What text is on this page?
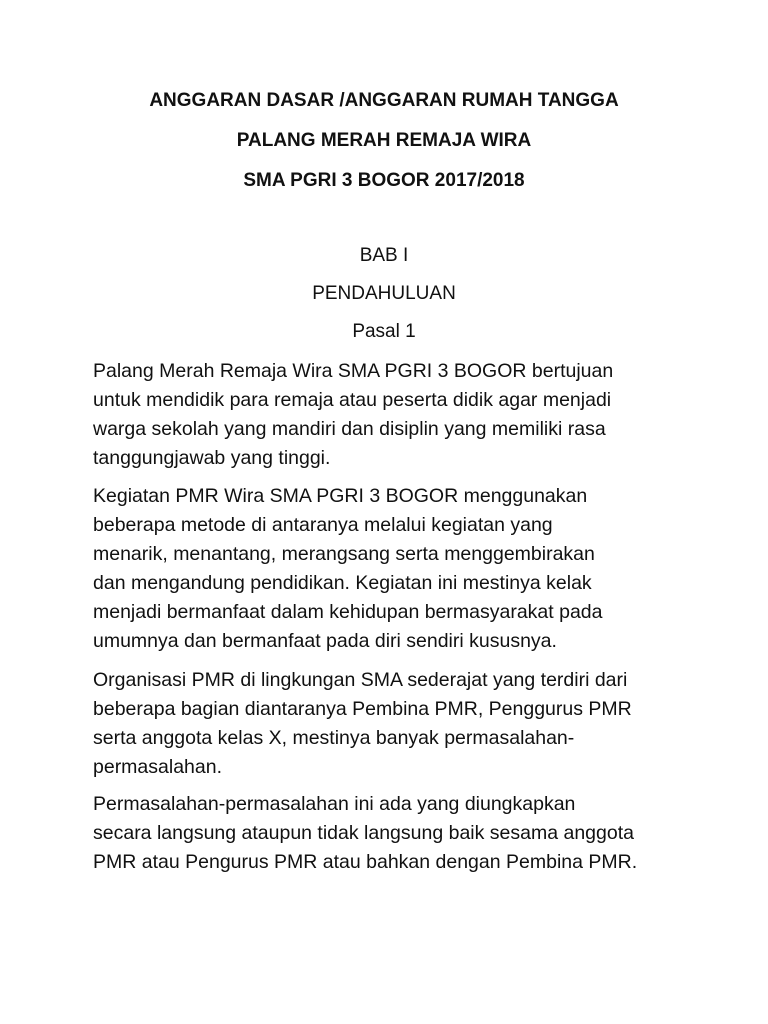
ANGGARAN DASAR /ANGGARAN RUMAH TANGGA
PALANG MERAH REMAJA WIRA
SMA PGRI 3 BOGOR 2017/2018
BAB I
PENDAHULUAN
Pasal 1
Palang Merah Remaja Wira SMA PGRI 3 BOGOR bertujuan
untuk mendidik para remaja atau peserta didik agar menjadi
warga sekolah yang mandiri dan disiplin yang memiliki rasa
tanggungjawab yang tinggi.
Kegiatan PMR Wira SMA PGRI 3 BOGOR menggunakan
beberapa metode di antaranya melalui kegiatan yang
menarik, menantang, merangsang serta menggembirakan
dan mengandung pendidikan. Kegiatan ini mestinya kelak
menjadi bermanfaat dalam kehidupan bermasyarakat pada
umumnya dan bermanfaat pada diri sendiri kususnya.
Organisasi PMR di lingkungan SMA sederajat yang terdiri dari
beberapa bagian diantaranya Pembina PMR, Penggurus PMR
serta anggota kelas X, mestinya banyak permasalahan-
permasalahan.
Permasalahan-permasalahan ini ada yang diungkapkan
secara langsung ataupun tidak langsung baik sesama anggota
PMR atau Pengurus PMR atau bahkan dengan Pembina PMR.
